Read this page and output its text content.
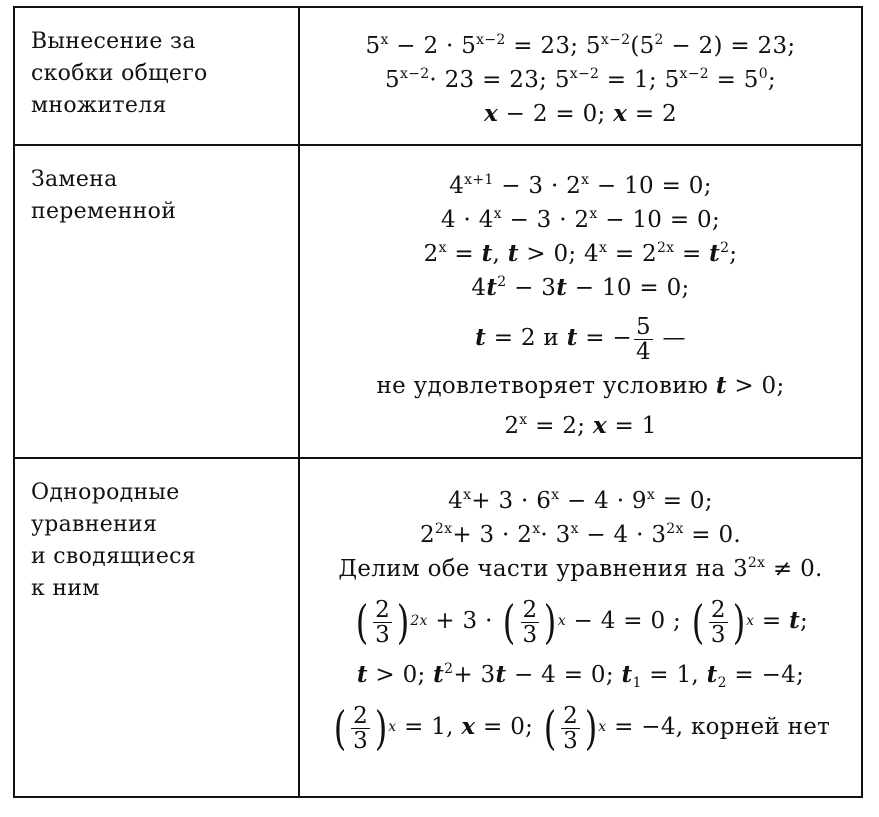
Вынесение за
скобки общего
множителя
$5^x - 2 \cdot 5^{x-2} = 23$; $5^{x-2}(5^2 - 2) = 23$;
$5^{x-2}\cdot 23 = 23$; $5^{x-2} = 1$; $5^{x-2} = 5^0$;
x − 2 = 0; x = 2
Замена
переменной
$4^{x+1} - 3 \cdot 2^x - 10 = 0$;
$4 \cdot 4^x - 3 \cdot 2^x - 10 = 0$;
$2^x = t$, t > 0; $4^x = 2^{2x} = t^2$;
$4t^2 - 3t - 10 = 0$;
t = 2 и t = − $\frac{5}{4}$ —
не удовлетворяет условию t > 0;
$2^x = 2$; x = 1
Однородные
уравнения
и сводящиеся
к ним
$4^x+ 3 \cdot 6^x - 4 \cdot 9^x = 0$;
$2^{2x}+ 3 \cdot 2^x\cdot 3^x - 4 \cdot 3^{2x} = 0$.
Делим обе части уравнения на $3^{2x} \ne 0$.
( $\frac{2}{3}$ ) 2x + 3 · ( $\frac{2}{3}$ ) x − 4 = 0 ; ( $\frac{2}{3}$ ) x = t;
t > 0; $t^2+ 3t - 4 = 0$; $t_1 = 1$, $t_2 = -4$;
( $\frac{2}{3}$ ) x = 1, x = 0; ( $\frac{2}{3}$ ) x = −4, корней нет
